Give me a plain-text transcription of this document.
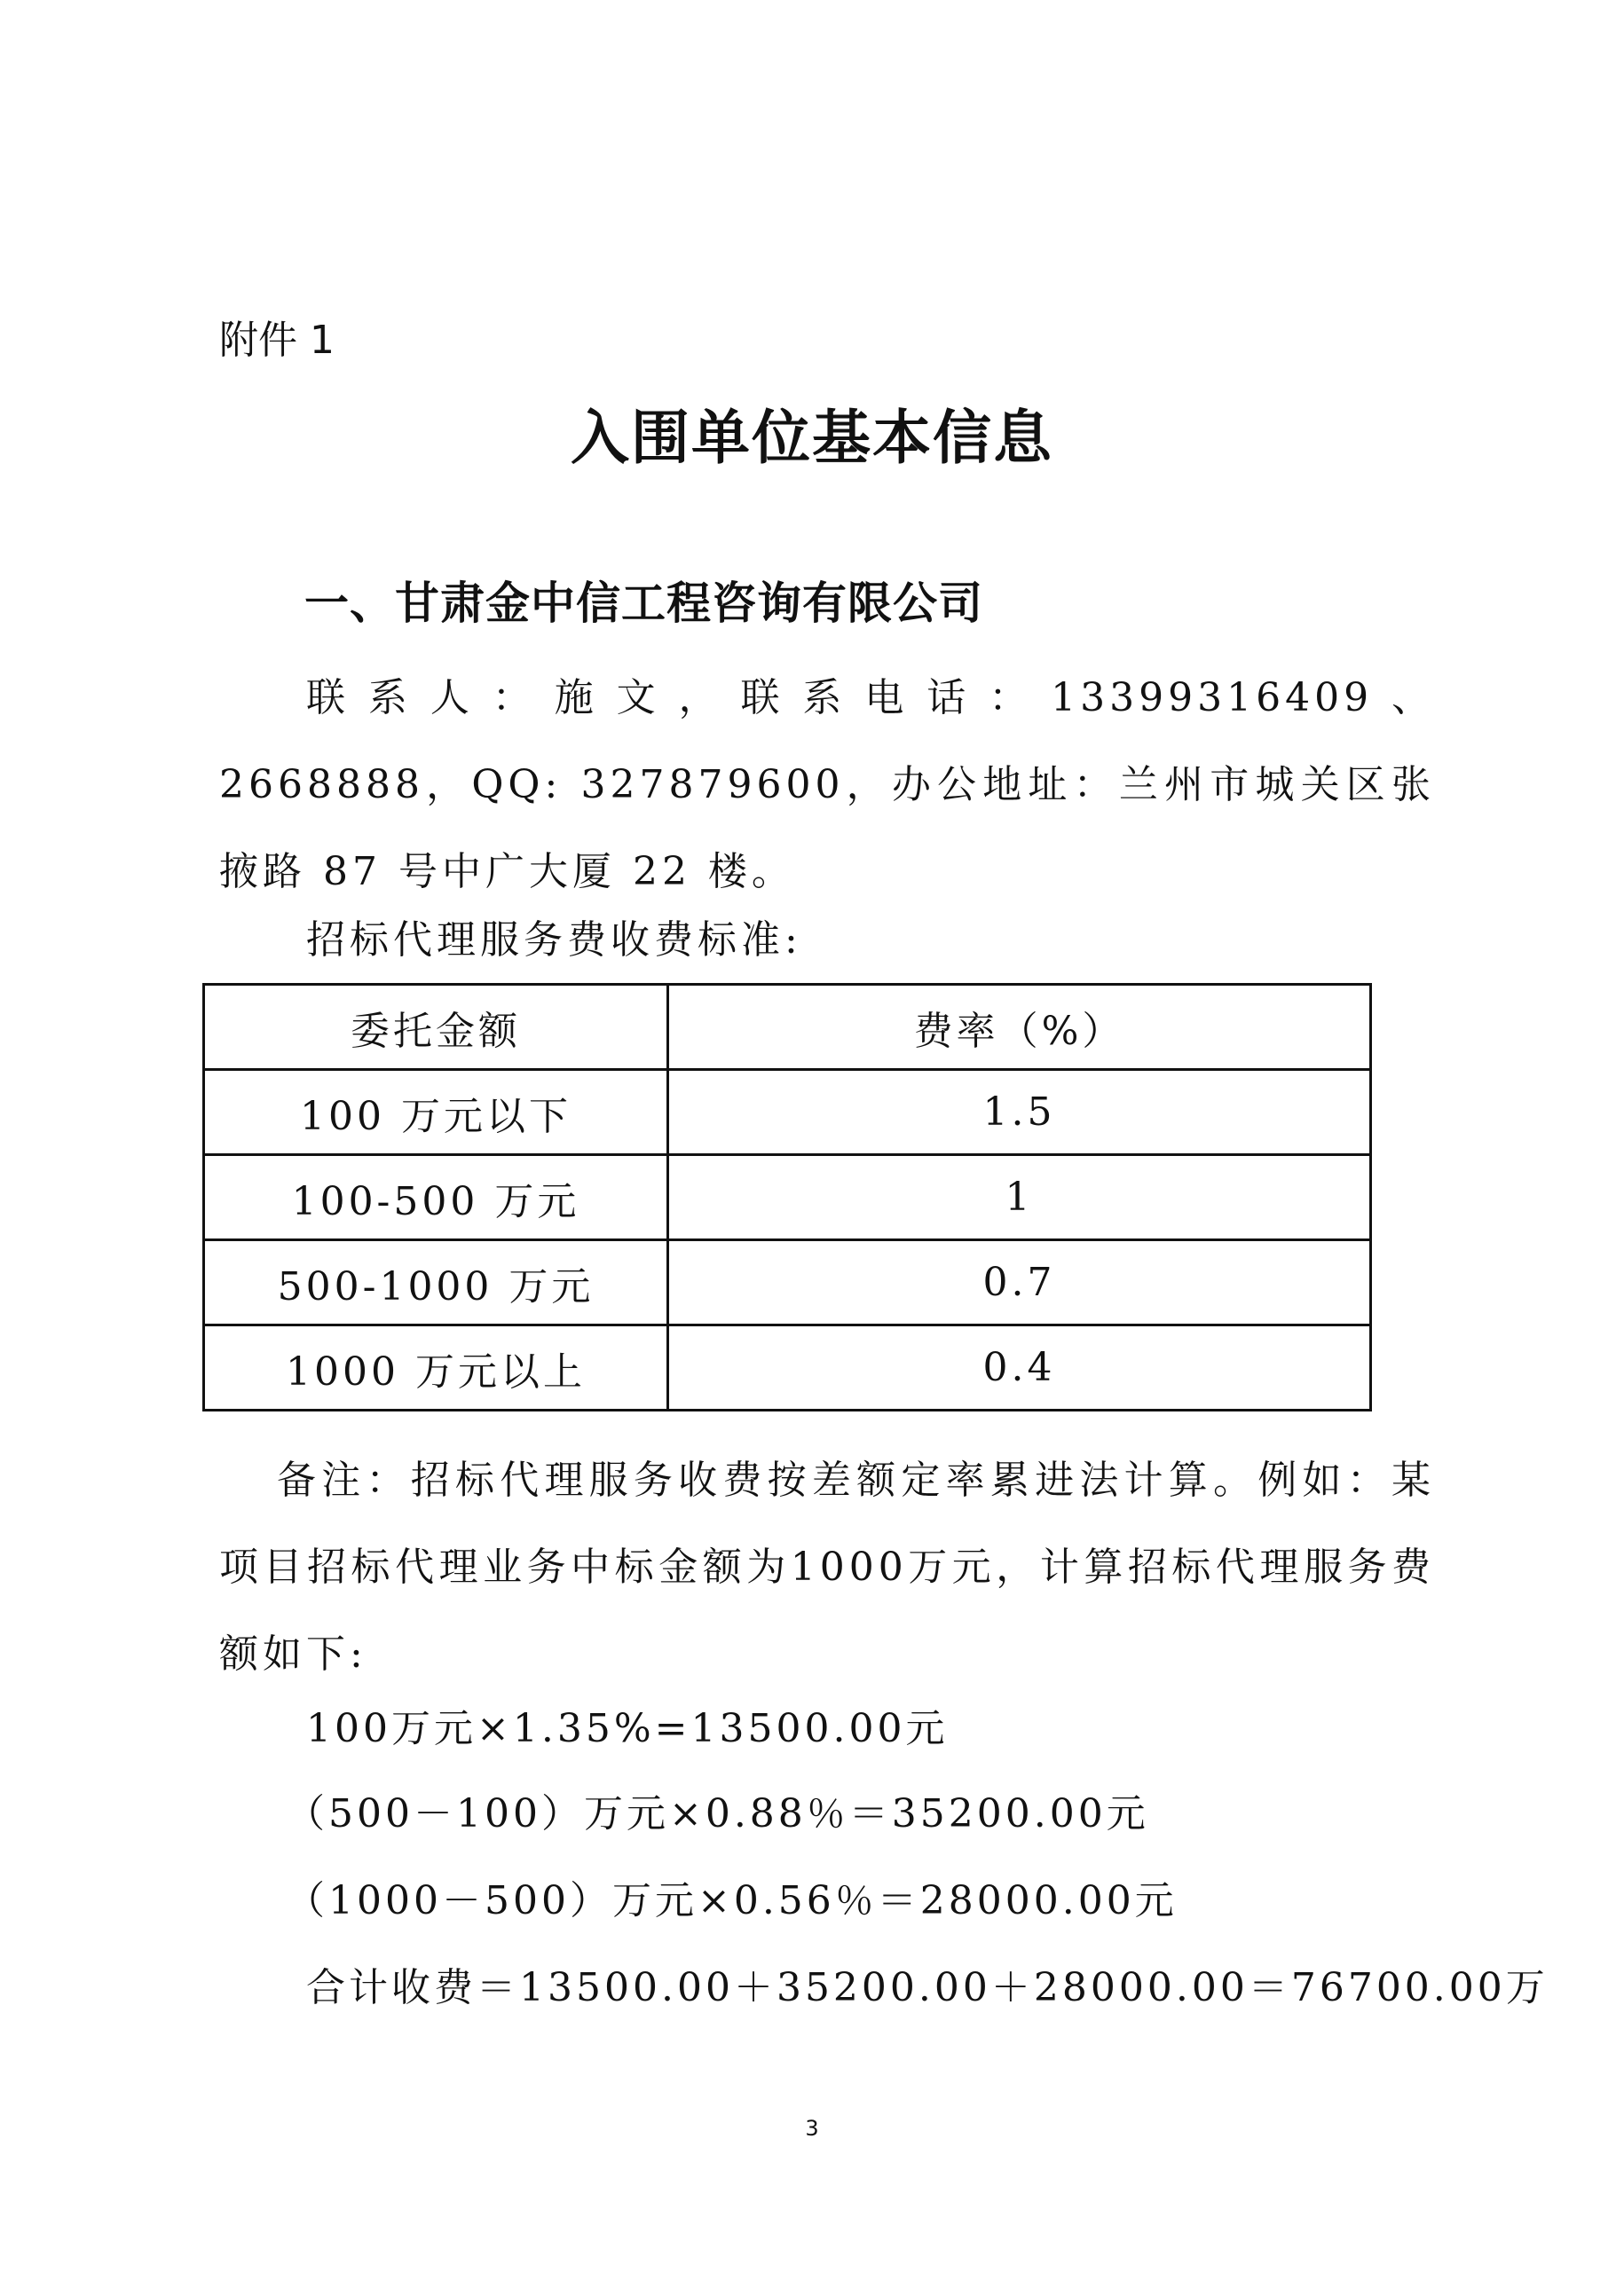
附件 1
入围单位基本信息
一、甘肃金中信工程咨询有限公司
联系人：施文，联系电话：13399316409、2668888，QQ: 327879600，办公地址：兰州市城关区张掖路 87 号中广大厦 22 楼。
招标代理服务费收费标准:
委托金额	费率（%）
100 万元以下	1.5
100-500 万元	1
500-1000 万元	0.7
1000 万元以上	0.4
备注：招标代理服务收费按差额定率累进法计算。例如：某项目招标代理业务中标金额为1000万元，计算招标代理服务费额如下:
100万元×1.35%=13500.00元
（500－100）万元×0.88％＝35200.00元
（1000－500）万元×0.56％＝28000.00元
合计收费＝13500.00＋35200.00＋28000.00＝76700.00万
3
